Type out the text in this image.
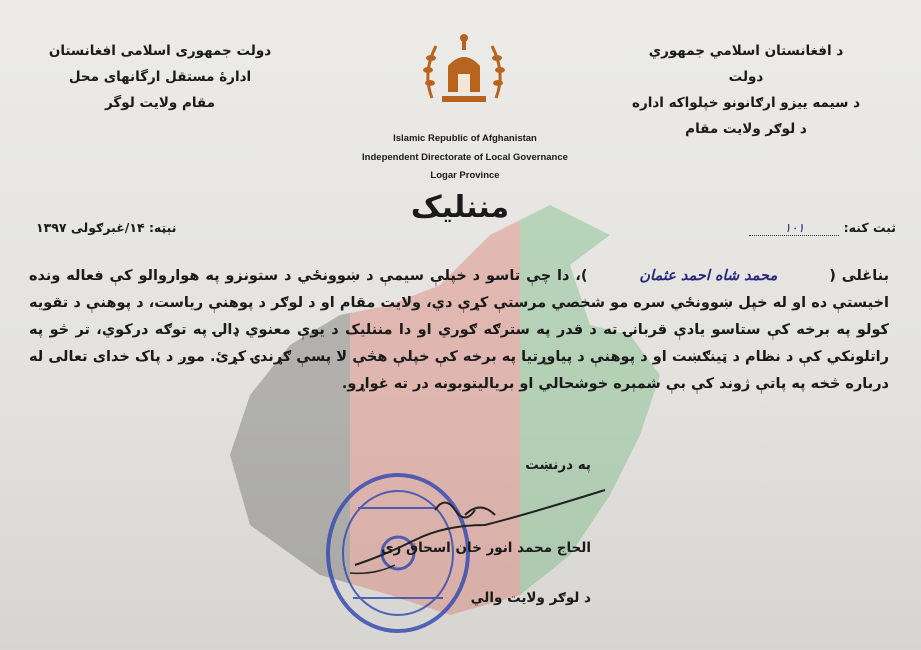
د افغانستان اسلامي جمهوري دولت
د سیمه ییزو ارګانونو خپلواکه اداره
د لوګر ولایت مقام
دولت جمهوری اسلامی افغانستان
ادارهٔ مستقل ارگانهای محل
مقام ولایت لوگر
Islamic Republic of Afghanistan
Independent Directorate of Local Governance
Logar Province
مننلیک
ثبت کنه: ۱۰۱
نېټه: ۱۴/غبرګولی ۱۳۹۷
بناغلی ( محمد شاه احمد عثمان )، دا چې تاسو د خپلې سیمې د ښوونځي د ستونزو په هواروالو کې فعاله ونده اخیستې ده او له خپل ښوونځي سره مو شخصي مرستې کړې دي، ولایت مقام او د لوګر د پوهنې ریاست، د پوهنې د تقویه کولو په برخه کې ستاسو یادې قربانۍ ته د قدر په سترګه ګوري او دا مننلیک د یوې معنوي ډالۍ په توګه درکوي، تر څو په راتلونکي کې د نظام د ټینګښت او د پوهنې د پیاوړتیا په برخه کې خپلې هڅې لا پسې ګړندۍ کړئ. موږ د پاک خدای تعالی له درباره څخه په پاتې ژوند کې بې شمېره خوشحالي او بریالیتوبونه در ته غواړو.
په درنښت
الحاج محمد انور خان اسحاق زی
د لوګر ولایت والي
